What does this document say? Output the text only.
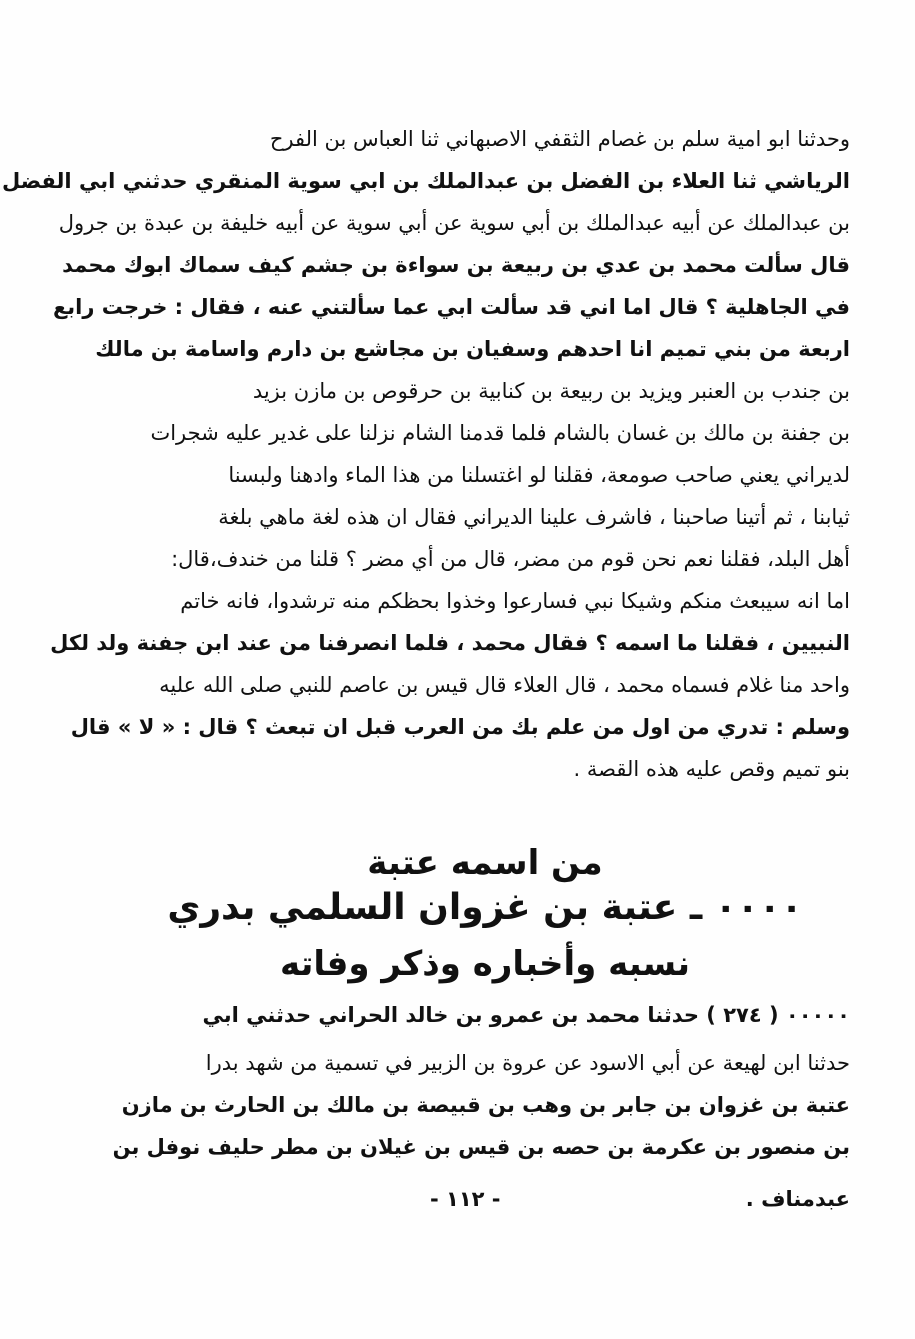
وحدثنا ابو امية سلم بن غصام الثقفي الاصبهاني ثنا العباس بن الفرح
الرياشي ثنا العلاء بن الفضل بن عبدالملك بن ابي سوية المنقري حدثني ابي الفضل
بن عبدالملك عن أبيه عبدالملك بن أبي سوية عن أبي سوية عن أبيه خليفة بن عبدة بن جرول
قال سألت محمد بن عدي بن ربيعة بن سواءة بن جشم كيف سماك ابوك محمد
في الجاهلية ؟ قال اما اني قد سألت ابي عما سألتني عنه ، فقال : خرجت رابع
اربعة من بني تميم انا احدهم وسفيان بن مجاشع بن دارم واسامة بن مالك
بن جندب بن العنبر ويزيد بن ربيعة بن كنابية بن حرقوص بن مازن بزيد
بن جفنة بن مالك بن غسان بالشام فلما قدمنا الشام نزلنا على غدير عليه شجرات
لديراني يعني صاحب صومعة، فقلنا لو اغتسلنا من هذا الماء وادهنا ولبسنا
ثيابنا ، ثم أتينا صاحبنا ، فاشرف علينا الديراني فقال ان هذه لغة ماهي بلغة
أهل البلد، فقلنا نعم نحن قوم من مضر، قال من أي مضر ؟ قلنا من خندف،قال:
اما انه سيبعث منكم وشيكا نبي فسارعوا وخذوا بحظكم منه ترشدوا، فانه خاتم
النبيين ، فقلنا ما اسمه ؟ فقال محمد ، فلما انصرفنا من عند ابن جفنة ولد لكل
واحد منا غلام فسماه محمد ، قال العلاء قال قيس بن عاصم للنبي صلى الله عليه
وسلم : تدري من اول من علم بك من العرب قبل ان تبعث ؟ قال : « لا » قال
بنو تميم وقص عليه هذه القصة .
من اسمه عتبة
٠٠٠٠ ـ عتبة بن غزوان السلمي بدري
نسبه وأخباره وذكر وفاته
٠٠٠٠٠ ( ٢٧٤ ) حدثنا محمد بن عمرو بن خالد الحراني حدثني ابي
حدثنا ابن لهيعة عن أبي الاسود عن عروة بن الزبير في تسمية من شهد بدرا
عتبة بن غزوان بن جابر بن وهب بن قبيصة بن مالك بن الحارث بن مازن
بن منصور بن عكرمة بن حصه بن قيس بن غيلان بن مطر حليف نوفل بن
عبدمناف .
- ١١٢ -
